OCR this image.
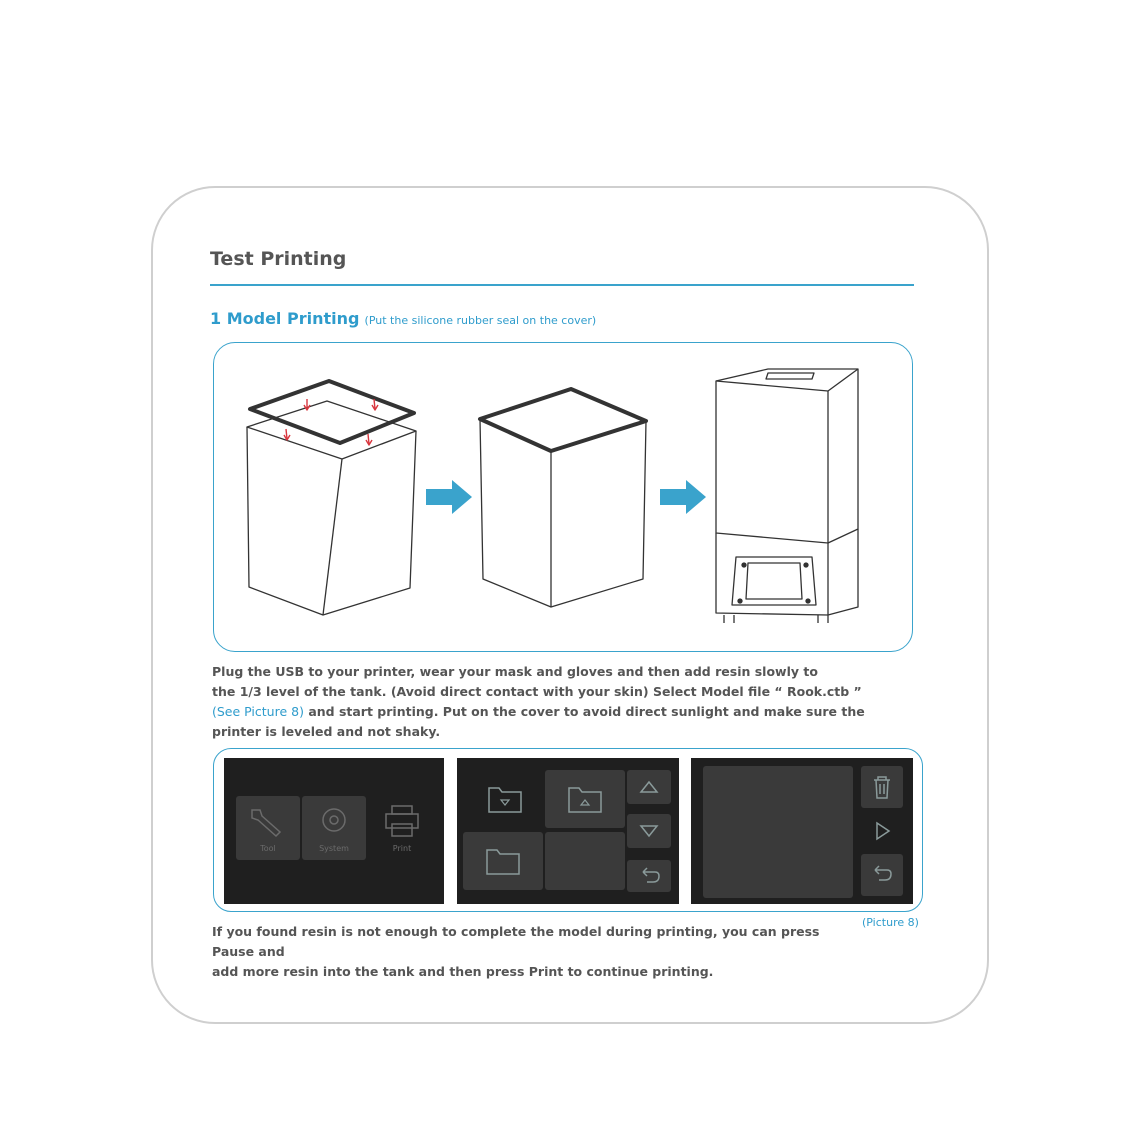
Test Printing
1 Model Printing (Put the silicone rubber seal on the cover)
Plug the USB to your printer, wear your mask and gloves and then add resin slowly to
the 1/3 level of the tank. (Avoid direct contact with your skin) Select Model file “ Rook.ctb ”
(See Picture 8) and start printing. Put on the cover to avoid direct sunlight and make sure the
printer is leveled and not shaky.
Tool	System	Print
(Picture 8)
If you found resin is not enough to complete the model during printing, you can press Pause and
add more resin into the tank and then press Print to continue printing.
